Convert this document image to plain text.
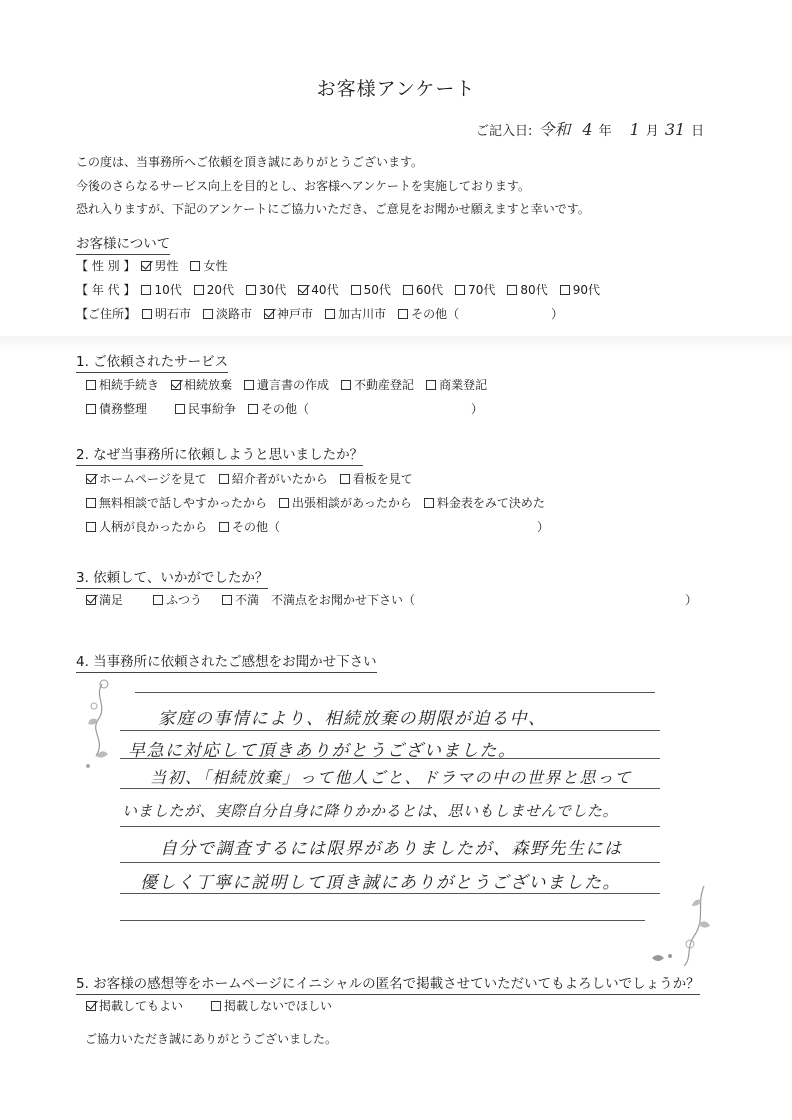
お客様アンケート
ご記入日: 令和 4 年 1 月 31 日
この度は、当事務所へご依頼を頂き誠にありがとうございます。
今後のさらなるサービス向上を目的とし、お客様へアンケートを実施しております。
恐れ入りますが、下記のアンケートにご協力いただき、ご意見をお聞かせ願えますと幸いです。
お客様について
【 性 別 】 男性 女性
【 年 代 】 10代 20代 30代 40代 50代 60代 70代 80代 90代
【ご住所】 明石市 淡路市 神戸市 加古川市 その他（	）
1. ご依頼されたサービス
相続手続き 相続放棄 遺言書の作成 不動産登記 商業登記
債務整理	民事紛争 その他（	）
2. なぜ当事務所に依頼しようと思いましたか？
ホームページを見て 紹介者がいたから 看板を見て
無料相談で話しやすかったから 出張相談があったから 料金表をみて決めた
人柄が良かったから その他（	）
3. 依頼して、いかがでしたか？
満足	ふつう	不満 不満点をお聞かせ下さい（	）
4. 当事務所に依頼されたご感想をお聞かせ下さい
家庭の事情により、相続放棄の期限が迫る中、
早急に対応して頂きありがとうございました。
当初、「相続放棄」って他人ごと、ドラマの中の世界と思って
いましたが、実際自分自身に降りかかるとは、思いもしませんでした。
自分で調査するには限界がありましたが、森野先生には
優しく丁寧に説明して頂き誠にありがとうございました。
5. お客様の感想等をホームページにイニシャルの匿名で掲載させていただいてもよろしいでしょうか？
掲載してもよい	掲載しないでほしい
ご協力いただき誠にありがとうございました。
